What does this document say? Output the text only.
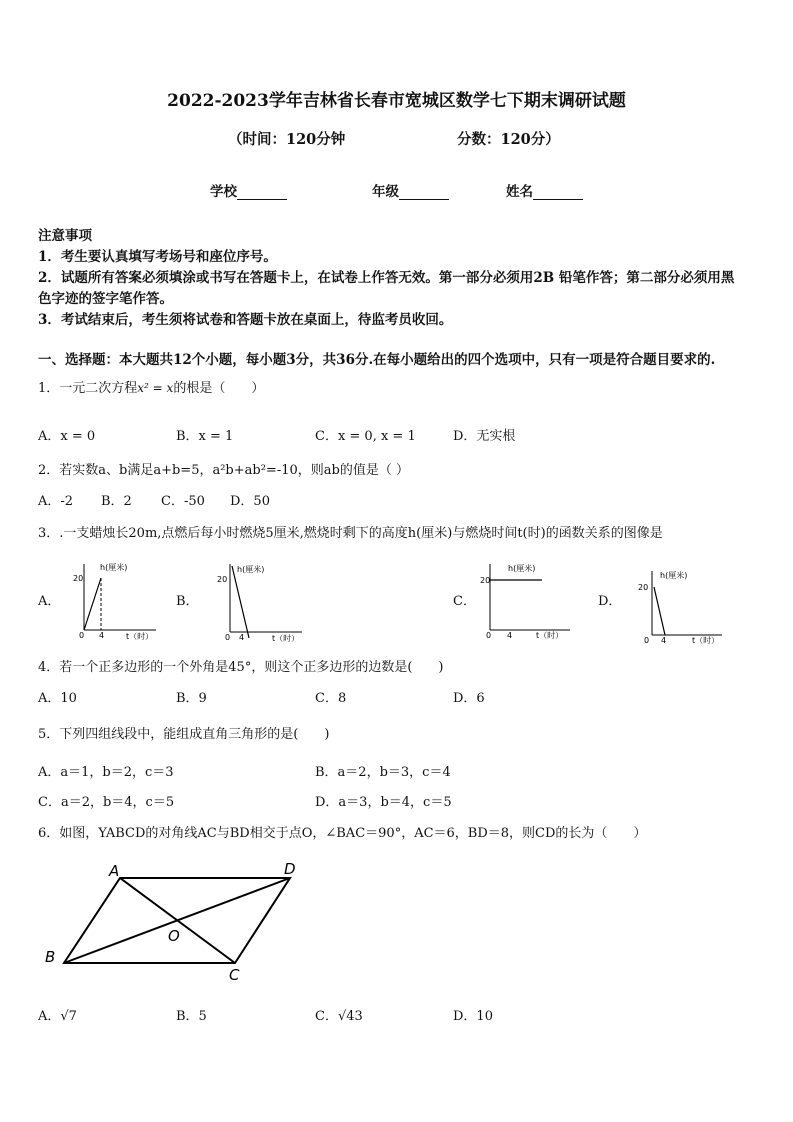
2022-2023学年吉林省长春市宽城区数学七下期末调研试题
（时间：120分钟	分数：120分）
学校	年级	姓名
注意事项
1．考生要认真填写考场号和座位序号。
2．试题所有答案必须填涂或书写在答题卡上，在试卷上作答无效。第一部分必须用2B 铅笔作答；第二部分必须用黑
色字迹的签字笔作答。
3．考试结束后，考生须将试卷和答题卡放在桌面上，待监考员收回。
一、选择题：本大题共12个小题，每小题3分，共36分.在每小题给出的四个选项中，只有一项是符合题目要求的.
1．一元二次方程x² = x的根是（　　）
A．x = 0	B．x = 1	C．x = 0, x = 1	D．无实根
2．若实数a、b满足a+b=5，a²b+ab²=-10，则ab的值是（ ）
A．-2 B．2 C．-50 D．50
3．.一支蜡烛长20m,点燃后每小时燃烧5厘米,燃烧时剩下的高度h(厘米)与燃烧时间t(时)的函数关系的图像是
A．	B．	C．	D．
20
0 4
h(厘米)
t（时）
20
0 4
h(厘米)
t（时）
20
0 4
h(厘米)
t（时）
20
0 4
h(厘米)
t（时）
4．若一个正多边形的一个外角是45°，则这个正多边形的边数是(　　)
A．10	B．9	C．8	D．6
5．下列四组线段中，能组成直角三角形的是(　　)
A．a＝1，b＝2，c＝3	B．a＝2，b＝3，c＝4
C．a＝2，b＝4，c＝5	D．a＝3，b＝4，c＝5
6．如图，YABCD的对角线AC与BD相交于点O，∠BAC＝90°，AC＝6，BD＝8，则CD的长为（　　）
A	D
B
C
O
A．√7	B．5	C．√43	D．10
